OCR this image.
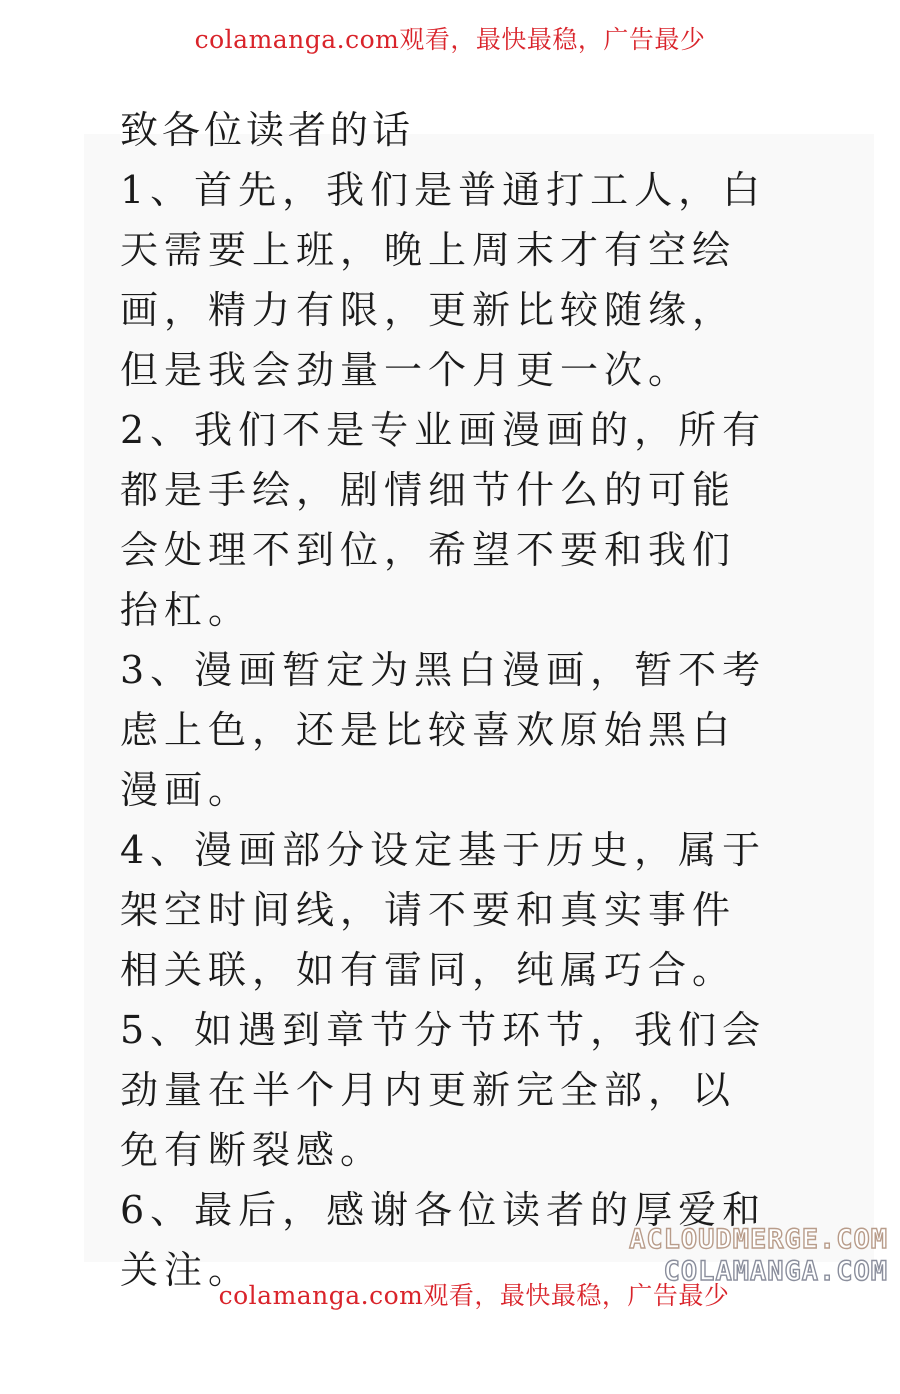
colamanga.com观看，最快最稳，广告最少
致各位读者的话
1、首先，我们是普通打工人，白
天需要上班，晚上周末才有空绘
画，精力有限，更新比较随缘，
但是我会劲量一个月更一次。
2、我们不是专业画漫画的，所有
都是手绘，剧情细节什么的可能
会处理不到位，希望不要和我们
抬杠。
3、漫画暂定为黑白漫画，暂不考
虑上色，还是比较喜欢原始黑白
漫画。
4、漫画部分设定基于历史，属于
架空时间线，请不要和真实事件
相关联，如有雷同，纯属巧合。
5、如遇到章节分节环节，我们会
劲量在半个月内更新完全部，以
免有断裂感。
6、最后，感谢各位读者的厚爱和
关注。
ACLOUDMERGE.COM
COLAMANGA.COM
colamanga.com观看，最快最稳，广告最少
